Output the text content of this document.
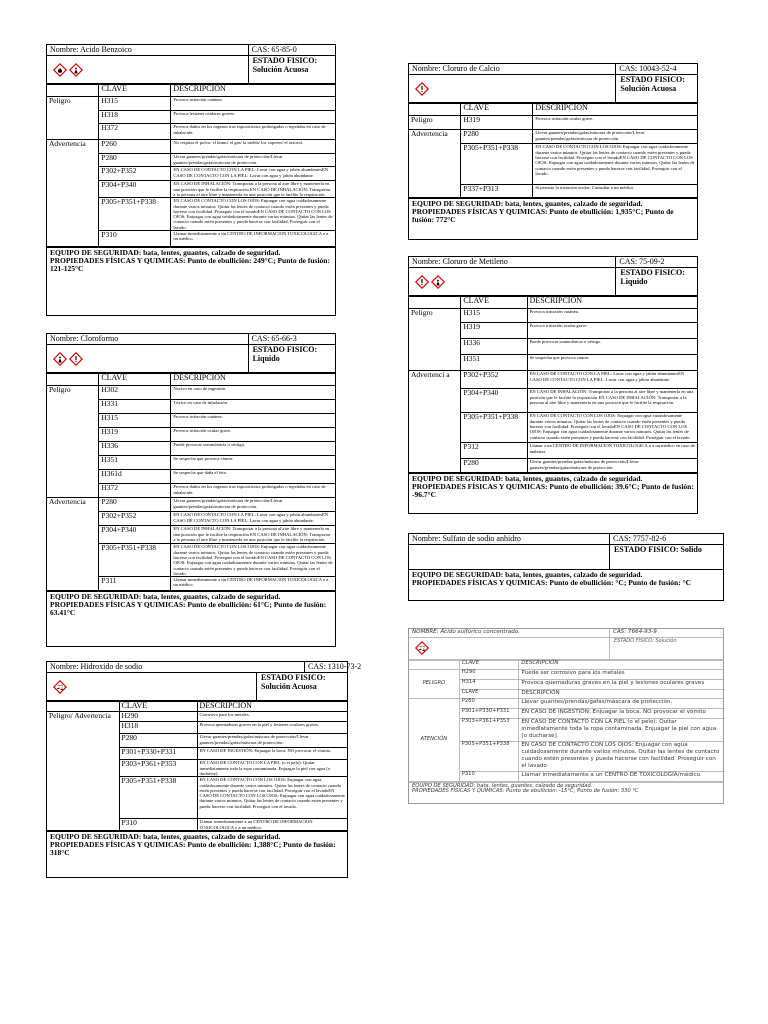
Nombre: Acido Benzoico	CAS: 65-85-0
ESTADO FISICO: Solución Acuosa
	CLAVE	DESCRIPCION
Peligro	H315	Provoca irritación cutánea.
	H318	Provoca lesiones oculares graves.
	H372	Provoca daños en los órganos tras exposiciones prolongadas o repetidas en caso de inhalación.
Advertencia	P260	No respirar el polvo/ el humo/ el gas/ la niebla/ los vapores/ el aerosol.
	P280	Llevar guantes/prendas/gafas/máscara de protección/Llevar guantes/prendas/gafas/máscara de protección.
	P302+P352	EN CASO DE CONTACTO CON LA PIEL: Lavar con agua y jabón abundantesEN CASO DE CONTACTO CON LA PIEL: Lavar con agua y jabón abundante.
	P304+P340	EN CASO DE INHALACIÓN: Transportar a la persona al aire libre y mantenerla en una posición que le facilite la respiración EN CASO DE INHALACIÓN: Transportar a la persona al aire libre y mantenerla en una posición que le facilite la respiración.
	P305+P351+P338	EN CASO DE CONTACTO CON LOS OJOS: Enjuagar con agua cuidadosamente durante varios minutos. Quitar las lentes de contacto cuando estén presentes y pueda hacerse con facilidad. Proseguir con el lavadoEN CASO DE CONTACTO CON LOS OJOS: Enjuagar con agua cuidadosamente durante varios minutos. Quitar las lentes de contacto cuando estén presentes y pueda hacerse con facilidad. Proseguir con el lavado.
	P310	Llamar inmediatamente a un CENTRO DE INFORMACION TOXICOLOGICA o a un médico.
EQUIPO DE SEGURIDAD: bata, lentes, guantes, calzado de seguridad.
PROPIEDADES FÍSICAS Y QUIMICAS: Punto de ebullición: 249°C; Punto de fusión: 121-125°C
Nombre: Cloroformo	CAS: 65-66-3
ESTADO FISICO: Liquido
	CLAVE	DESCRIPCION
Peligro	H302	Nocivo en caso de ingestión.
	H331	Tóxico en caso de inhalación.
	H315	Provoca irritación cutánea.
	H319	Provoca irritación ocular grave.
	H336	Puede provocar somnolencia o vértigo.
	H351	Se sospecha que provoca cáncer.
	H361d	Se sospecha que daña el feto.
	H372	Provoca daños en los órganos tras exposiciones prolongadas o repetidas en caso de inhalación.
Advertencia	P280	Llevar guantes/prendas/gafas/máscara de protección/Llevar guantes/prendas/gafas/máscara de protección.
	P302+P352	EN CASO DE CONTACTO CON LA PIEL: Lavar con agua y jabón abundantesEN CASO DE CONTACTO CON LA PIEL: Lavar con agua y jabón abundante.
	P304+P340	EN CASO DE INHALACIÓN: Transportar a la persona al aire libre y mantenerla en una posición que le facilite la respiración EN CASO DE INHALACIÓN: Transportar a la persona al aire libre y mantenerla en una posición que le facilite la respiración.
	P305+P351+P338	EN CASO DE CONTACTO CON LOS OJOS: Enjuagar con agua cuidadosamente durante varios minutos. Quitar las lentes de contacto cuando estén presentes y pueda hacerse con facilidad. Proseguir con el lavadoEN CASO DE CONTACTO CON LOS OJOS: Enjuagar con agua cuidadosamente durante varios minutos. Quitar las lentes de contacto cuando estén presentes y pueda hacerse con facilidad. Proseguir con el lavado.
	P311	Llamar inmediatamente a un CENTRO DE INFORMACION TOXICOLOGICA o a un médico.
EQUIPO DE SEGURIDAD: bata, lentes, guantes, calzado de seguridad.
PROPIEDADES FÍSICAS Y QUIMICAS: Punto de ebullición: 61°C; Punto de fusión: 63.41°C
Nombre: Hidroxido de sodio	CAS: 1310-73-2
ESTADO FISICO: Solución Acuosa
	CLAVE	DESCRIPCION
Peligro/ Advertencia	H290	Corrosivo para los metales.
	H318	Provoca quemaduras graves en la piel y lesiones oculares graves.
	P280	Llevar guantes/prendas/gafas/máscara de protección/Llevar guantes/prendas/gafas/máscara de protección.
	P301+P330+P331	EN CASO DE INGESTIÓN: Enjuagar la boca. NO provocar el vómito.
	P303+P361+P353	EN CASO DE CONTACTO CON LA PIEL (o el pelo): Quitar inmediatamente toda la ropa contaminada. Enjuagar la piel con agua [o ducharse].
	P305+P351+P338	EN CASO DE CONTACTO CON LOS OJOS: Enjuagar con agua cuidadosamente durante varios minutos. Quitar las lentes de contacto cuando estén presentes y pueda hacerse con facilidad. Proseguir con el lavadoEN CASO DE CONTACTO CON LOS OJOS: Enjuagar con agua cuidadosamente durante varios minutos. Quitar las lentes de contacto cuando estén presentes y pueda hacerse con facilidad. Proseguir con el lavado.
	P310	Llamar inmediatamente a un CENTRO DE INFORMACION TOXICOLOGICA o a un médico.
EQUIPO DE SEGURIDAD: bata, lentes, guantes, calzado de seguridad.
PROPIEDADES FÍSICAS Y QUIMICAS: Punto de ebullición: 1,388°C; Punto de fusión: 318°C
Nombre: Cloruro de Calcio	CAS: 10043-52-4
ESTADO FISICO: Solución Acuosa
	CLAVE	DESCRIPCION
Peligro	H319	Provoca irritación ocular grave.
Advertencia	P280	Llevar guantes/prendas/gafas/máscara de protección/Llevar guantes/prendas/gafas/máscara de protección.
	P305+P351+P338	EN CASO DE CONTACTO CON LOS OJOS: Enjuagar con agua cuidadosamente durante varios minutos. Quitar las lentes de contacto cuando estén presentes y pueda hacerse con facilidad. Proseguir con el lavadoEN CASO DE CONTACTO CON LOS OJOS: Enjuagar con agua cuidadosamente durante varios minutos. Quitar las lentes de contacto cuando estén presentes y pueda hacerse con facilidad. Proseguir con el lavado.
	P337+P313	Si persiste la irritación ocular: Consultar a un médico.
EQUIPO DE SEGURIDAD: bata, lentes, guantes, calzado de seguridad.
PROPIEDADES FÍSICAS Y QUIMICAS: Punto de ebullición: 1,935°C; Punto de fusión: 772°C
Nombre: Cloruro de Metileno	CAS: 75-09-2
ESTADO FISICO: Liquido
	CLAVE	DESCRIPCION
Peligro	H315	Provoca irritación cutánea.
	H319	Provoca irritación ocular grave.
	H336	Puede provocar somnolencia o vértigo.
	H351	Se sospecha que provoca cáncer.
Advertenci a	P302+P352	EN CASO DE CONTACTO CON LA PIEL: Lavar con agua y jabón abundantesEN CASO DE CONTACTO CON LA PIEL: Lavar con agua y jabón abundante.
	P304+P340	EN CASO DE INHALACIÓN: Transportar a la persona al aire libre y mantenerla en una posición que le facilite la respiración EN CASO DE INHALACIÓN: Transportar a la persona al aire libre y mantenerla en una posición que le facilite la respiración.
	P305+P351+P338	EN CASO DE CONTACTO CON LOS OJOS: Enjuagar con agua cuidadosamente durante varios minutos. Quitar las lentes de contacto cuando estén presentes y pueda hacerse con facilidad. Proseguir con el lavadoEN CASO DE CONTACTO CON LOS OJOS: Enjuagar con agua cuidadosamente durante varios minutos. Quitar las lentes de contacto cuando estén presentes y pueda hacerse con facilidad. Proseguir con el lavado.
	P312	Llamar a un CENTRO DE INFORMACION TOXICOLOGICA o a un médico en caso de malestar.
	P280	Llevar guantes/prendas/gafas/máscara de protección/Llevar guantes/prendas/gafas/máscara de protección.
EQUIPO DE SEGURIDAD: bata, lentes, guantes, calzado de seguridad.
PROPIEDADES FÍSICAS Y QUIMICAS: Punto de ebullición: 39.6°C; Punto de fusión: -96.7°C
Nombre: Sulfato de sodio anhidro	CAS: 7757-82-6
ESTADO FISICO: Solido
EQUIPO DE SEGURIDAD: bata, lentes, guantes, calzado de seguridad.
PROPIEDADES FÍSICAS Y QUIMICAS: Punto de ebullición: °C; Punto de fusión: °C
NOMBRE: Ácido sulfúrico concentrado.	CAS: 7664-93-9
ESTADO FISICO: Solución
	CLAVE	DESCRIPCIÓN
PELIGRO	H290	Puede ser corrosivo para los metales
	H314	Provoca quemaduras graves en la piel y lesiones oculares graves
	CLAVE	DESCRIPCIÓN
ATENCIÓN	P280	Llevar guantes/prendas/gafas/máscara de protección.
	P301+P330+P331	EN CASO DE INGESTIÓN: Enjuagar la boca. NO provocar el vómito
	P303+P361+P353	EN CASO DE CONTACTO CON LA PIEL (o el pelo): Quitar inmediatamente toda la ropa contaminada. Enjuagar la piel con agua [o ducharse].
	P305+P351+P338	EN CASO DE CONTACTO CON LOS OJOS: Enjuagar con agua cuidadosamente durante varios minutos. Quitar las lentes de contacto cuando estén presentes y pueda hacerse con facilidad. Proseguir con el lavado
	P310	Llamar inmediatamente a un CENTRO DE TOXICOLOGÍA/médico.
EQUIPO DE SEGURIDAD: bata, lentes, guantes, calzado de seguridad.
PROPIEDADES FÍSICAS Y QUÍMICAS: Punto de ebullición: -15°C; Punto de fusión: 330 °C
